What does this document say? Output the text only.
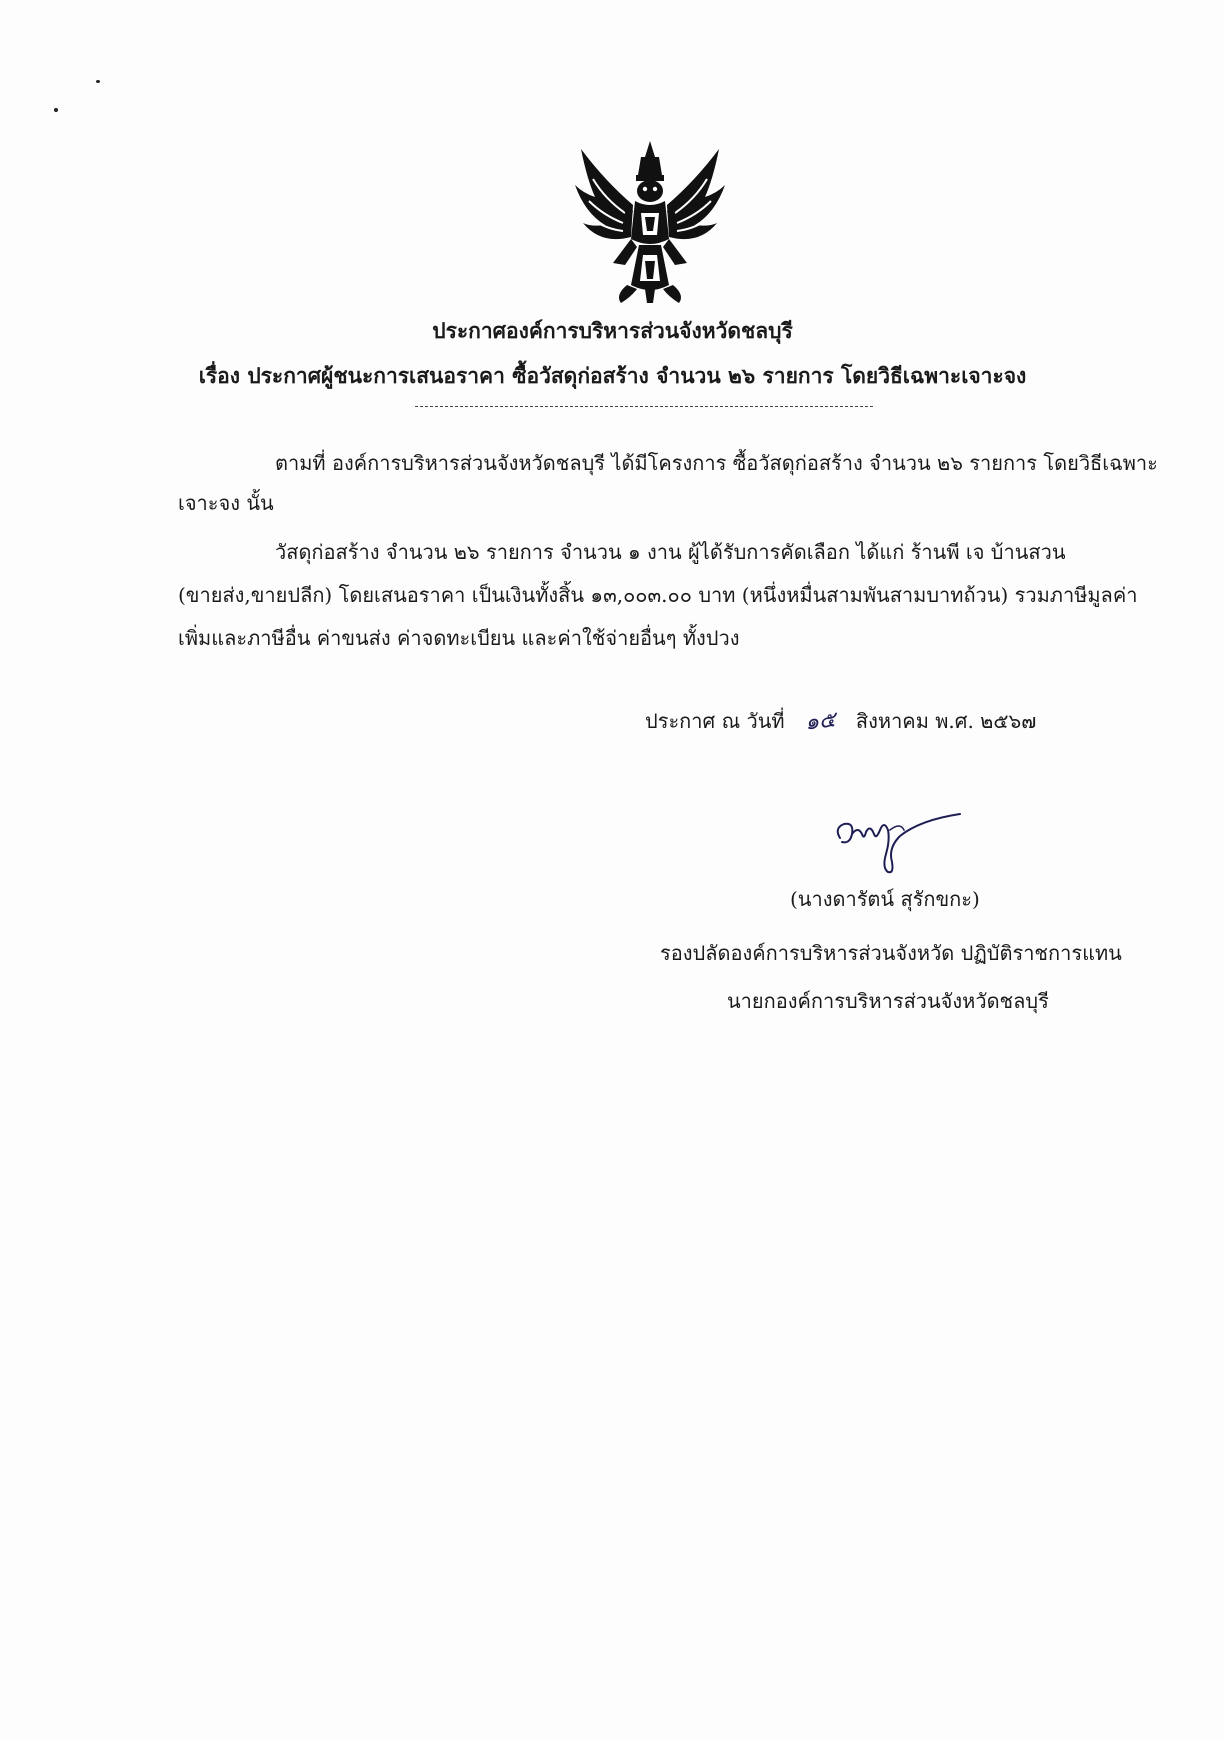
ประกาศองค์การบริหารส่วนจังหวัดชลบุรี
เรื่อง ประกาศผู้ชนะการเสนอราคา ซื้อวัสดุก่อสร้าง จำนวน ๒๖ รายการ โดยวิธีเฉพาะเจาะจง
ตามที่ องค์การบริหารส่วนจังหวัดชลบุรี ได้มีโครงการ ซื้อวัสดุก่อสร้าง จำนวน ๒๖ รายการ โดยวิธีเฉพาะ
เจาะจง นั้น
วัสดุก่อสร้าง จำนวน ๒๖ รายการ จำนวน ๑ งาน ผู้ได้รับการคัดเลือก ได้แก่ ร้านพี เจ บ้านสวน
(ขายส่ง,ขายปลีก) โดยเสนอราคา เป็นเงินทั้งสิ้น ๑๓,๐๐๓.๐๐ บาท (หนึ่งหมื่นสามพันสามบาทถ้วน) รวมภาษีมูลค่า
เพิ่มและภาษีอื่น ค่าขนส่ง ค่าจดทะเบียน และค่าใช้จ่ายอื่นๆ ทั้งปวง
ประกาศ ณ วันที่ ๑๕ สิงหาคม พ.ศ. ๒๕๖๗
(นางดารัตน์ สุรักขกะ)
รองปลัดองค์การบริหารส่วนจังหวัด ปฏิบัติราชการแทน
นายกองค์การบริหารส่วนจังหวัดชลบุรี
